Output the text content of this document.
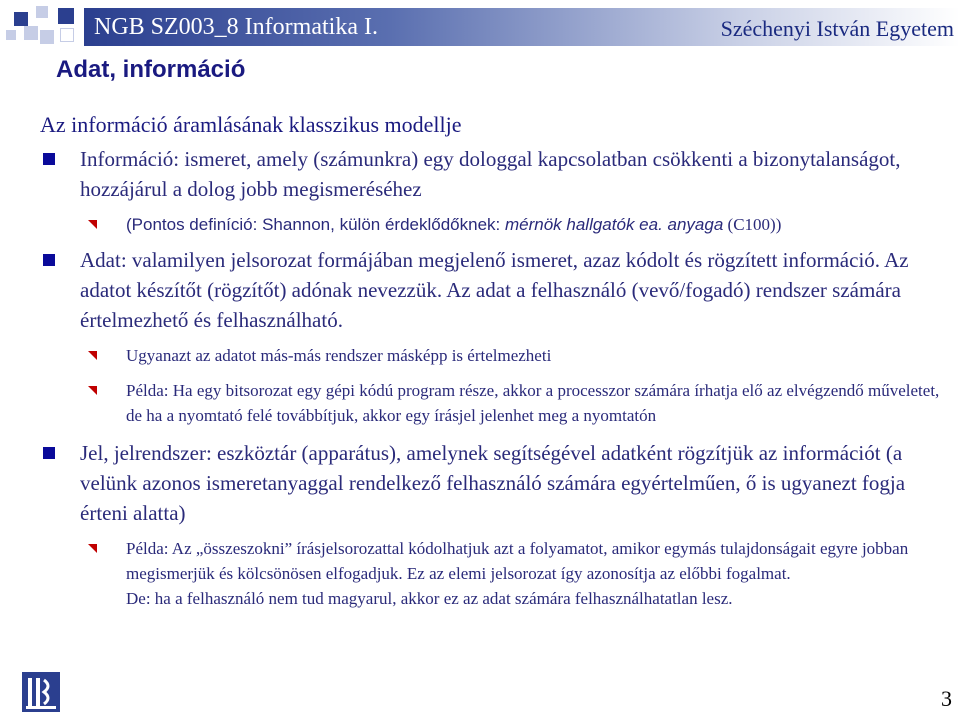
NGB SZ003_8 Informatika I.	Széchenyi István Egyetem
Adat, információ
Az információ áramlásának klasszikus modellje
Információ: ismeret, amely (számunkra) egy dologgal kapcsolatban csökkenti a bizonytalanságot, hozzájárul a dolog jobb megismeréséhez
(Pontos definíció: Shannon, külön érdeklődőknek: mérnök hallgatók ea. anyaga (C100))
Adat: valamilyen jelsorozat formájában megjelenő ismeret, azaz kódolt és rögzített információ. Az adatot készítőt (rögzítőt) adónak nevezzük. Az adat a felhasználó (vevő/fogadó) rendszer számára értelmezhető és felhasználható.
Ugyanazt az adatot más-más rendszer másképp is értelmezheti
Példa: Ha egy bitsorozat egy gépi kódú program része, akkor a processzor számára írhatja elő az elvégzendő műveletet, de ha a nyomtató felé továbbítjuk, akkor egy írásjel jelenhet meg a nyomtatón
Jel, jelrendszer: eszköztár (apparátus), amelynek segítségével adatként rögzítjük az információt (a velünk azonos ismeretanyaggal rendelkező felhasználó számára egyértelműen, ő is ugyanezt fogja érteni alatta)
Példa: Az „összeszokni” írásjelsorozattal kódolhatjuk azt a folyamatot, amikor egymás tulajdonságait egyre jobban megismerjük és kölcsönösen elfogadjuk. Ez az elemi jelsorozat így azonosítja az előbbi fogalmat.
De: ha a felhasználó nem tud magyarul, akkor ez az adat számára felhasználhatatlan lesz.
3
